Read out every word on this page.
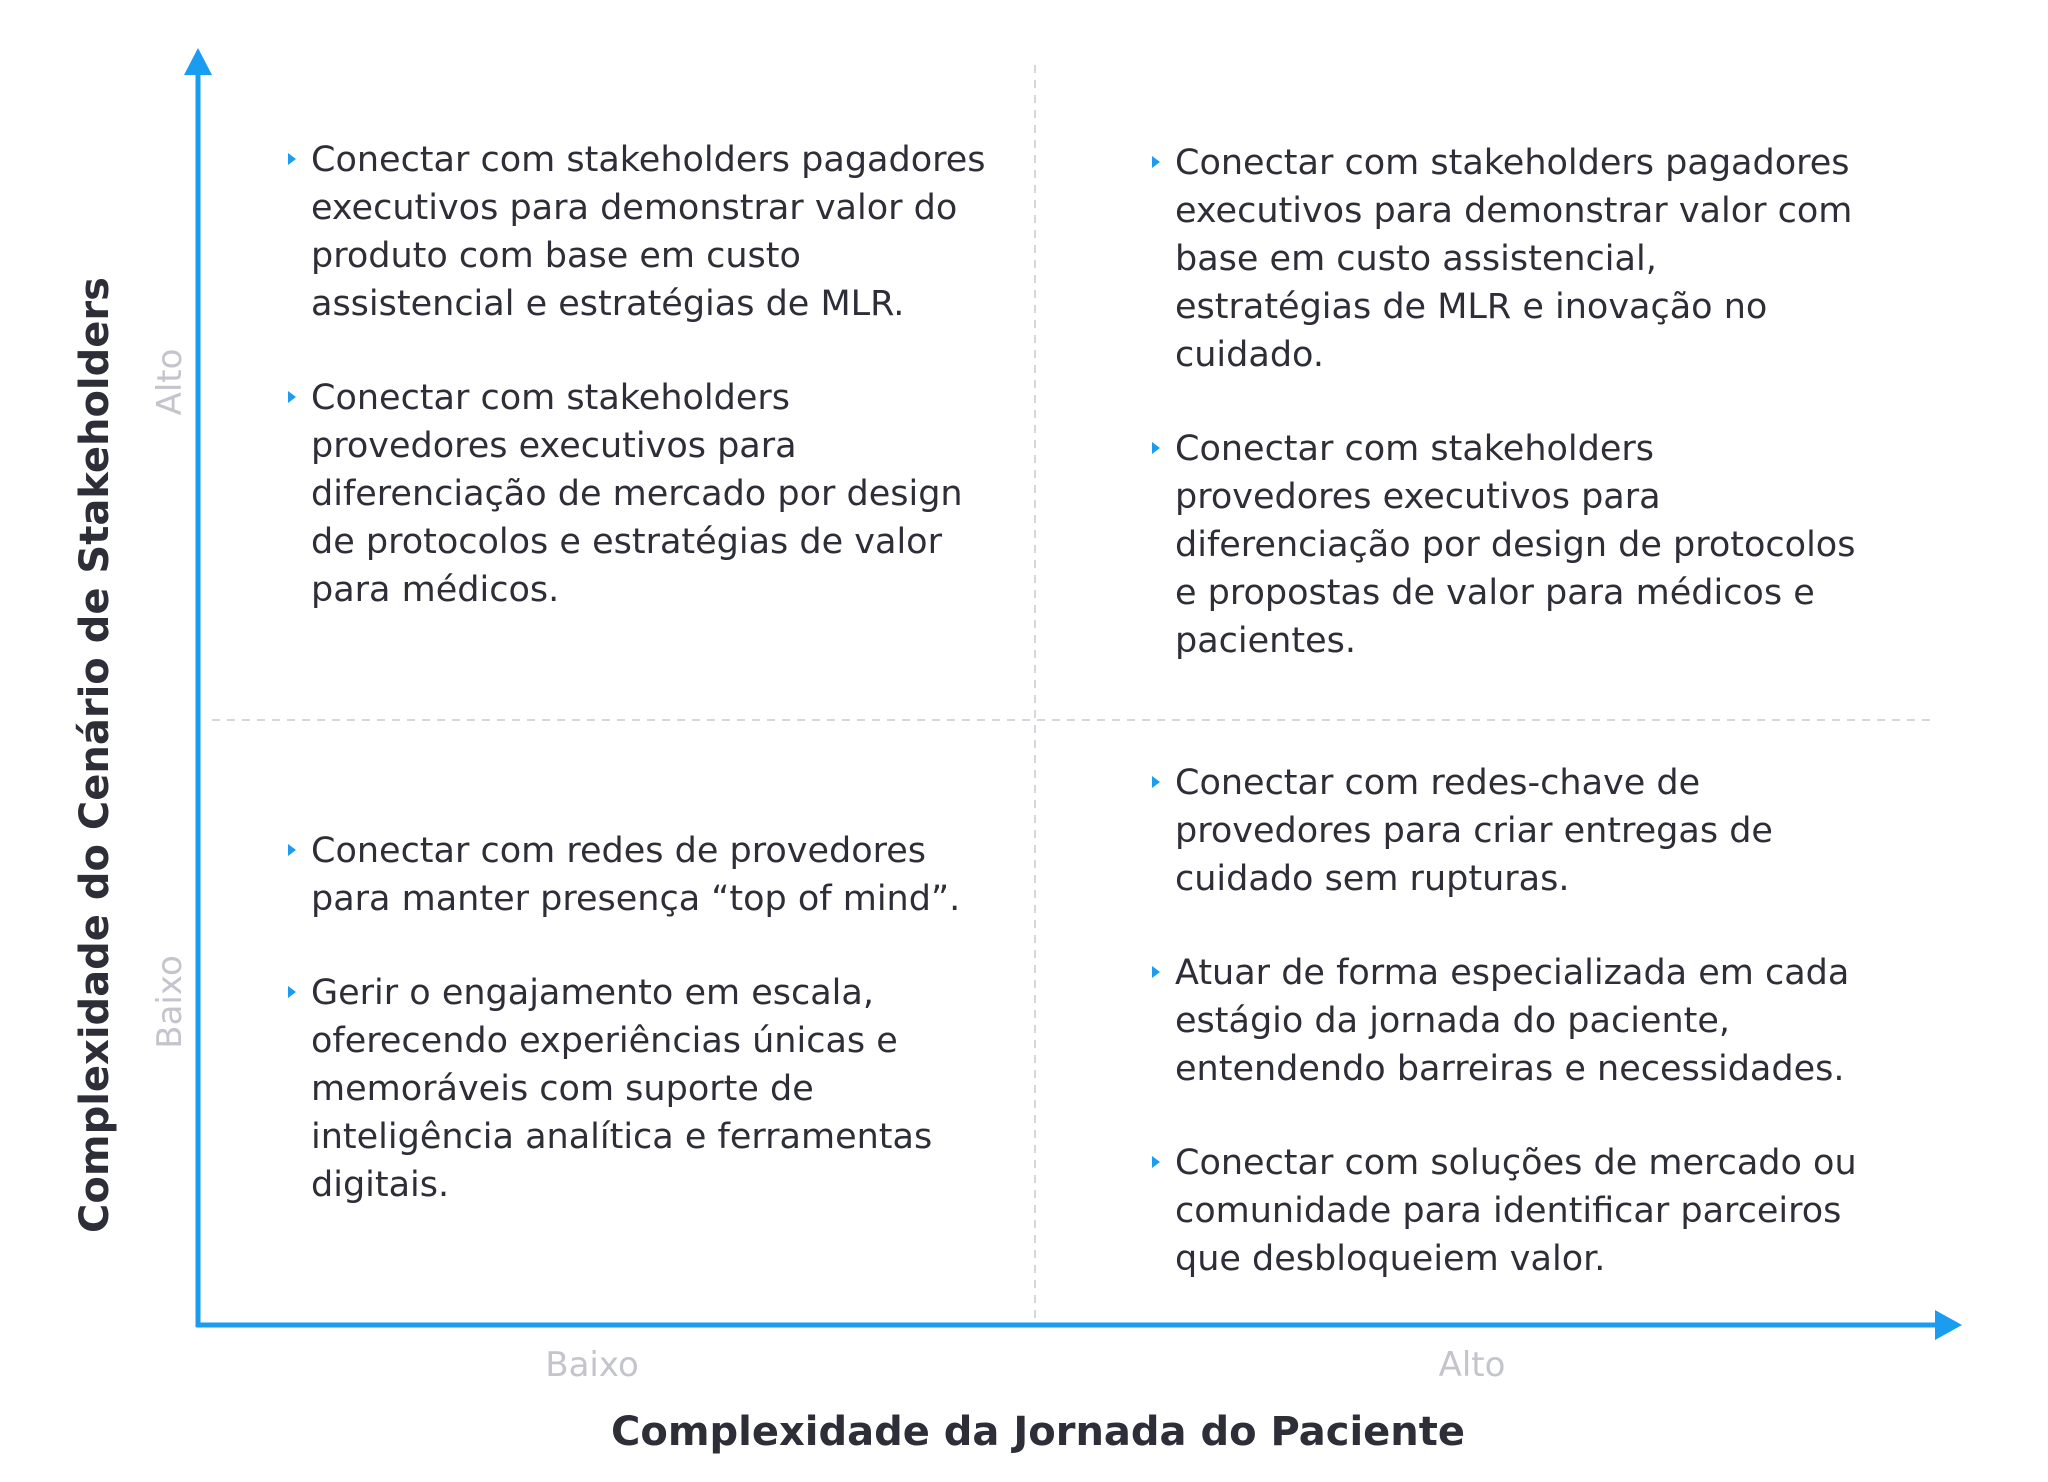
Alto
Baixo
Baixo	Alto
Complexidade do Cenário de Stakeholders
Complexidade da Jornada do Paciente
Conectar com stakeholders pagadores executivos para demonstrar valor do produto com base em custo assistencial e estratégias de MLR.
Conectar com stakeholders provedores executivos para diferenciação de mercado por design de protocolos e estratégias de valor para médicos.
Conectar com stakeholders pagadores executivos para demonstrar valor com base em custo assistencial, estratégias de MLR e inovação no cuidado.
Conectar com stakeholders provedores executivos para diferenciação por design de protocolos e propostas de valor para médicos e pacientes.
Conectar com redes de provedores para manter presença “top of mind”.
Gerir o engajamento em escala, oferecendo experiências únicas e memoráveis com suporte de inteligência analítica e ferramentas digitais.
Conectar com redes-chave de provedores para criar entregas de cuidado sem rupturas.
Atuar de forma especializada em cada estágio da jornada do paciente, entendendo barreiras e necessidades.
Conectar com soluções de mercado ou comunidade para identificar parceiros que desbloqueiem valor.
